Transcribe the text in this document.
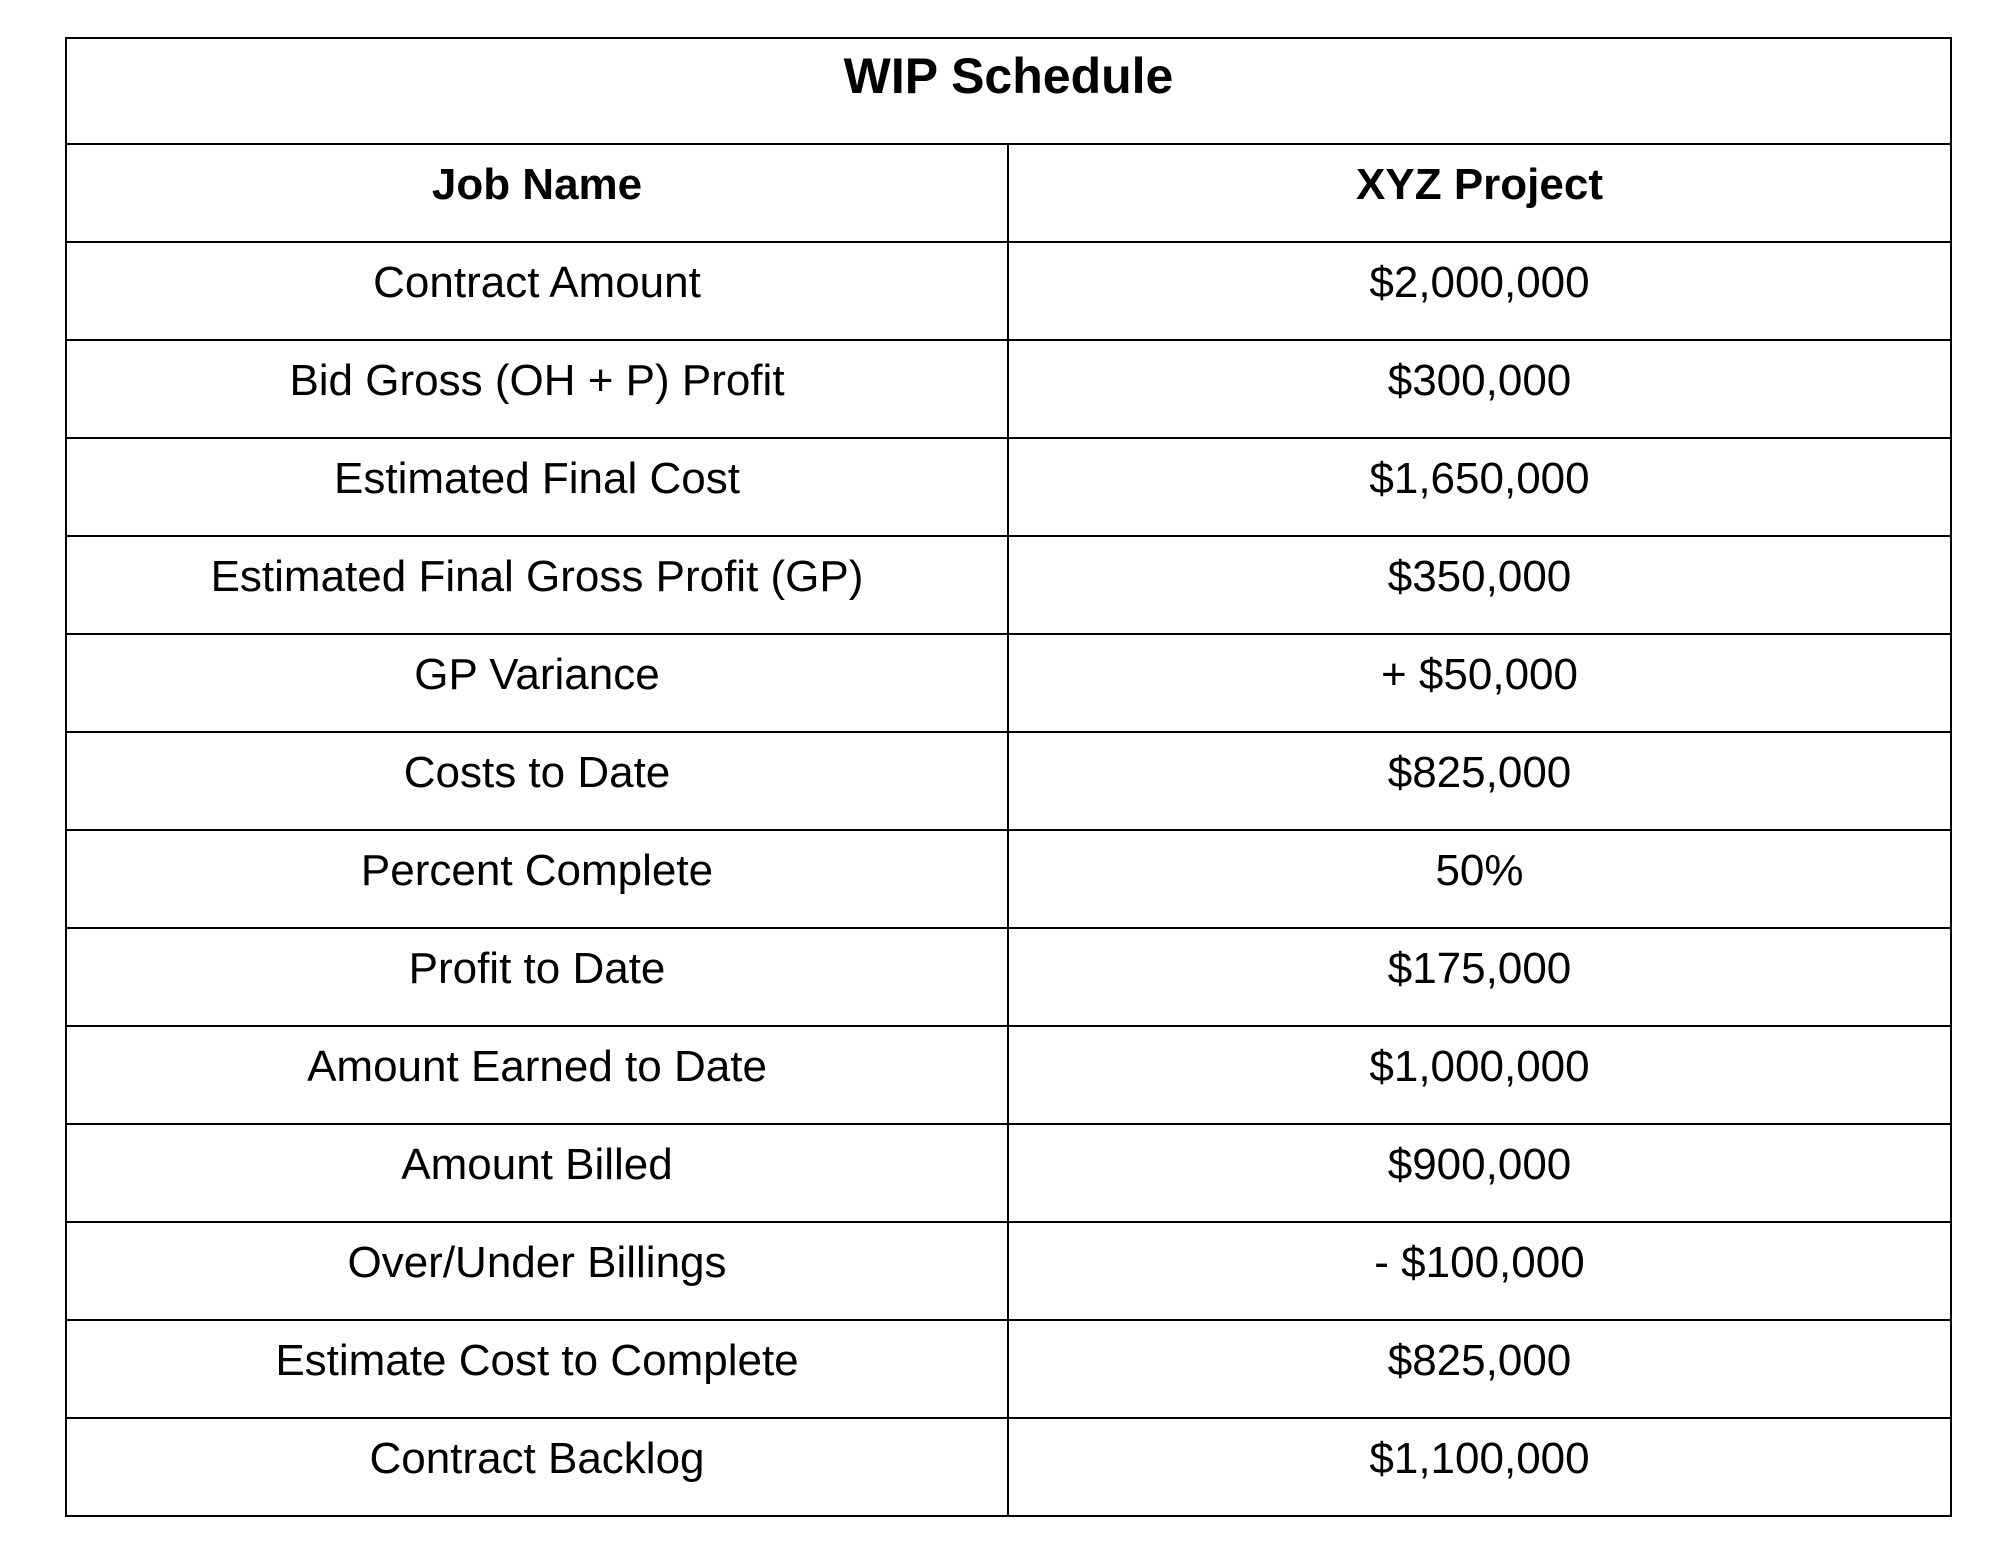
WIP Schedule	
Job Name	XYZ Project
Contract Amount	$2,000,000
Bid Gross (OH + P) Profit	$300,000
Estimated Final Cost	$1,650,000
Estimated Final Gross Profit (GP)	$350,000
GP Variance	+ $50,000
Costs to Date	$825,000
Percent Complete	50%
Profit to Date	$175,000
Amount Earned to Date	$1,000,000
Amount Billed	$900,000
Over/Under Billings	- $100,000
Estimate Cost to Complete	$825,000
Contract Backlog	$1,100,000
